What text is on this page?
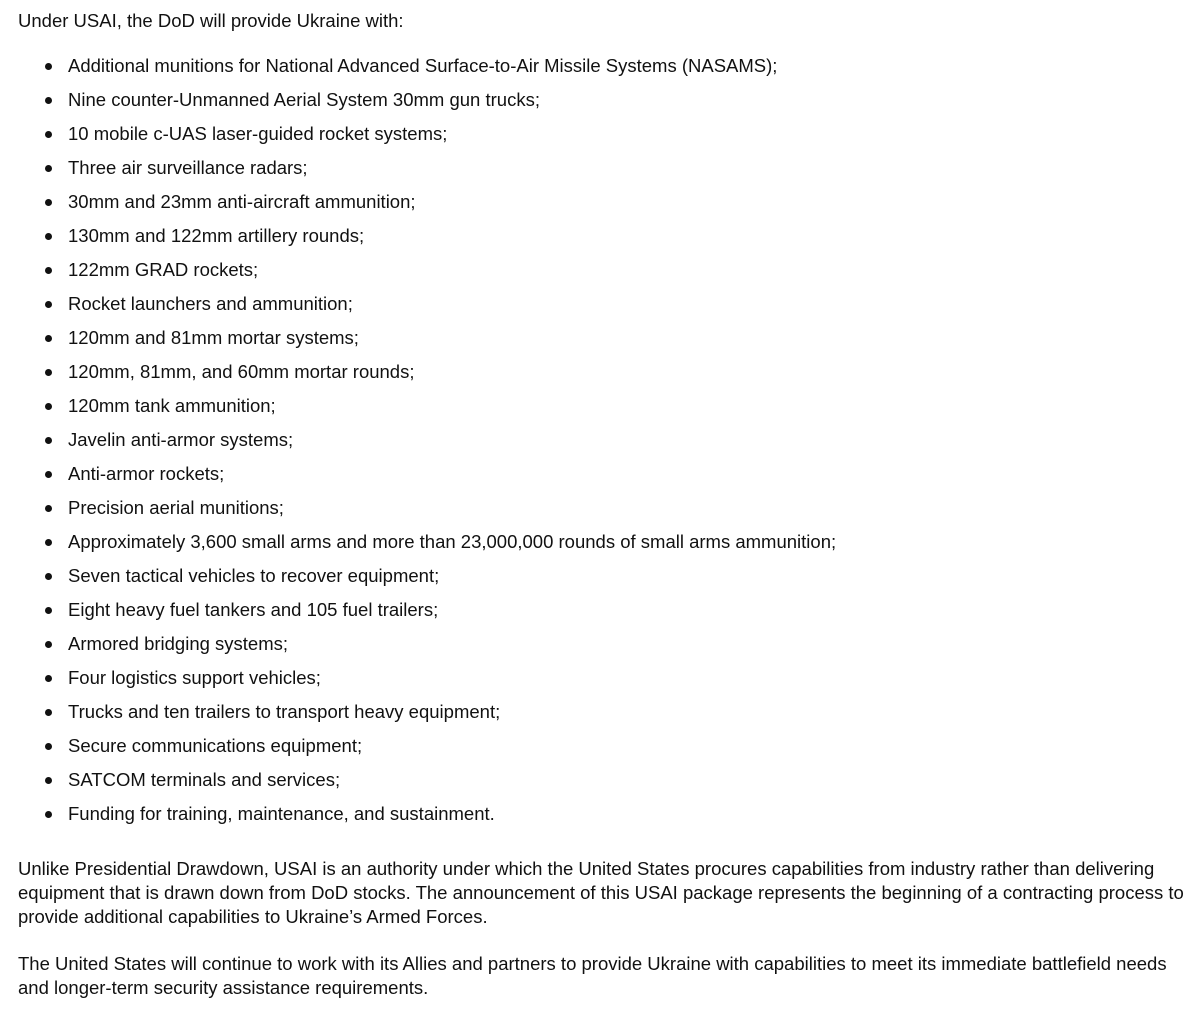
Under USAI, the DoD will provide Ukraine with:

Additional munitions for National Advanced Surface-to-Air Missile Systems (NASAMS);
Nine counter-Unmanned Aerial System 30mm gun trucks;
10 mobile c-UAS laser-guided rocket systems;
Three air surveillance radars;
30mm and 23mm anti-aircraft ammunition;
130mm and 122mm artillery rounds;
122mm GRAD rockets;
Rocket launchers and ammunition;
120mm and 81mm mortar systems;
120mm, 81mm, and 60mm mortar rounds;
120mm tank ammunition;
Javelin anti-armor systems;
Anti-armor rockets;
Precision aerial munitions;
Approximately 3,600 small arms and more than 23,000,000 rounds of small arms ammunition;
Seven tactical vehicles to recover equipment;
Eight heavy fuel tankers and 105 fuel trailers;
Armored bridging systems;
Four logistics support vehicles;
Trucks and ten trailers to transport heavy equipment;
Secure communications equipment;
SATCOM terminals and services;
Funding for training, maintenance, and sustainment.

Unlike Presidential Drawdown, USAI is an authority under which the United States procures capabilities from industry rather than delivering equipment that is drawn down from DoD stocks. The announcement of this USAI package represents the beginning of a contracting process to provide additional capabilities to Ukraine’s Armed Forces.

The United States will continue to work with its Allies and partners to provide Ukraine with capabilities to meet its immediate battlefield needs and longer-term security assistance requirements.
